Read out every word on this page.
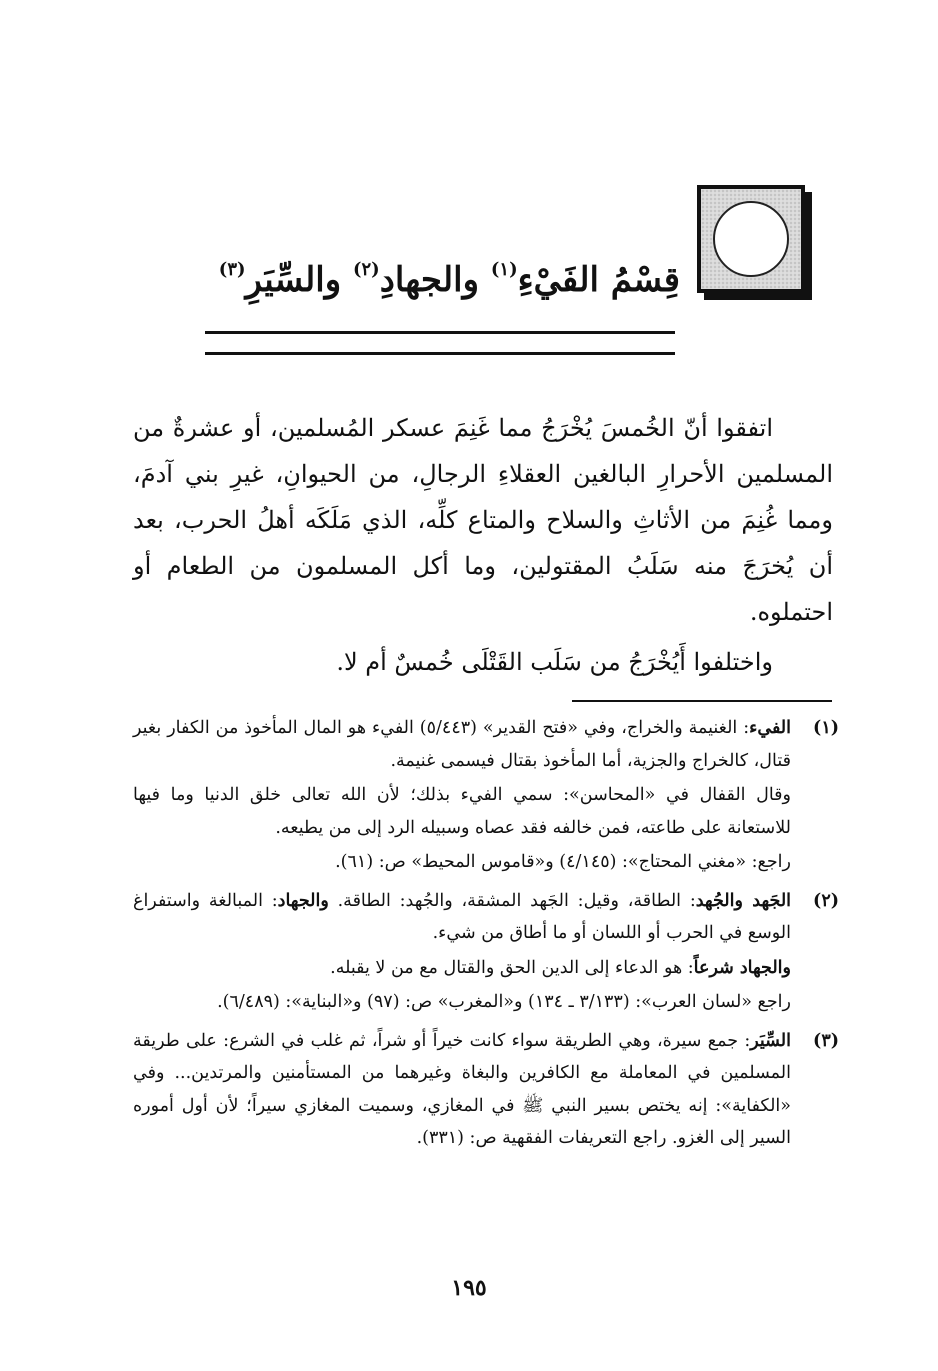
قِسْمُ الفَيْءِ$^{(١)}$ والجهادِ$^{(٢)}$ والسِّيَرِ$^{(٣)}$

اتفقوا أنّ الخُمسَ يُخْرَجُ مما غَنِمَ عسكر المُسلمين، أو عشرةٌ من المسلمين الأحرارِ البالغين العقلاءِ الرجالِ، من الحيوانِ، غيرِ بني آدمَ، ومما غُنِمَ من الأثاثِ والسلاح والمتاع كلِّه، الذي مَلَكَه أهلُ الحرب، بعد أن يُخرَجَ منه سَلَبُ المقتولين، وما أكل المسلمون من الطعام أو احتملوه.

واختلفوا أَيُخْرَجُ من سَلَب القَتْلَى خُمسٌ أم لا.

(١)

الفيء: الغنيمة والخراج، وفي «فتح القدير» (٥/٤٤٣) الفيء هو المال المأخوذ من الكفار بغير قتال، كالخراج والجزية، أما المأخوذ بقتال فيسمى غنيمة.

وقال القفال في «المحاسن»: سمي الفيء بذلك؛ لأن الله تعالى خلق الدنيا وما فيها للاستعانة على طاعته، فمن خالفه فقد عصاه وسبيله الرد إلى من يطيعه.

راجع: «مغني المحتاج»: (٤/١٤٥) و«قاموس المحيط» ص: (٦١).

(٢)

الجَهد والجُهد: الطاقة، وقيل: الجَهد المشقة، والجُهد: الطاقة. والجهاد: المبالغة واستفراغ الوسع في الحرب أو اللسان أو ما أطاق من شيء.

والجهاد شرعاً: هو الدعاء إلى الدين الحق والقتال مع من لا يقبله.

راجع «لسان العرب»: (٣/١٣٣ ـ ١٣٤) و«المغرب» ص: (٩٧) و«البناية»: (٦/٤٨٩).

(٣)

السِّيَر: جمع سيرة، وهي الطريقة سواء كانت خيراً أو شراً، ثم غلب في الشرع: على طريقة المسلمين في المعاملة مع الكافرين والبغاة وغيرهما من المستأمنين والمرتدين... وفي «الكفاية»: إنه يختص بسير النبي ﷺ في المغازي، وسميت المغازي سيراً؛ لأن أول أموره السير إلى الغزو. راجع التعريفات الفقهية ص: (٣٣١).

١٩٥
